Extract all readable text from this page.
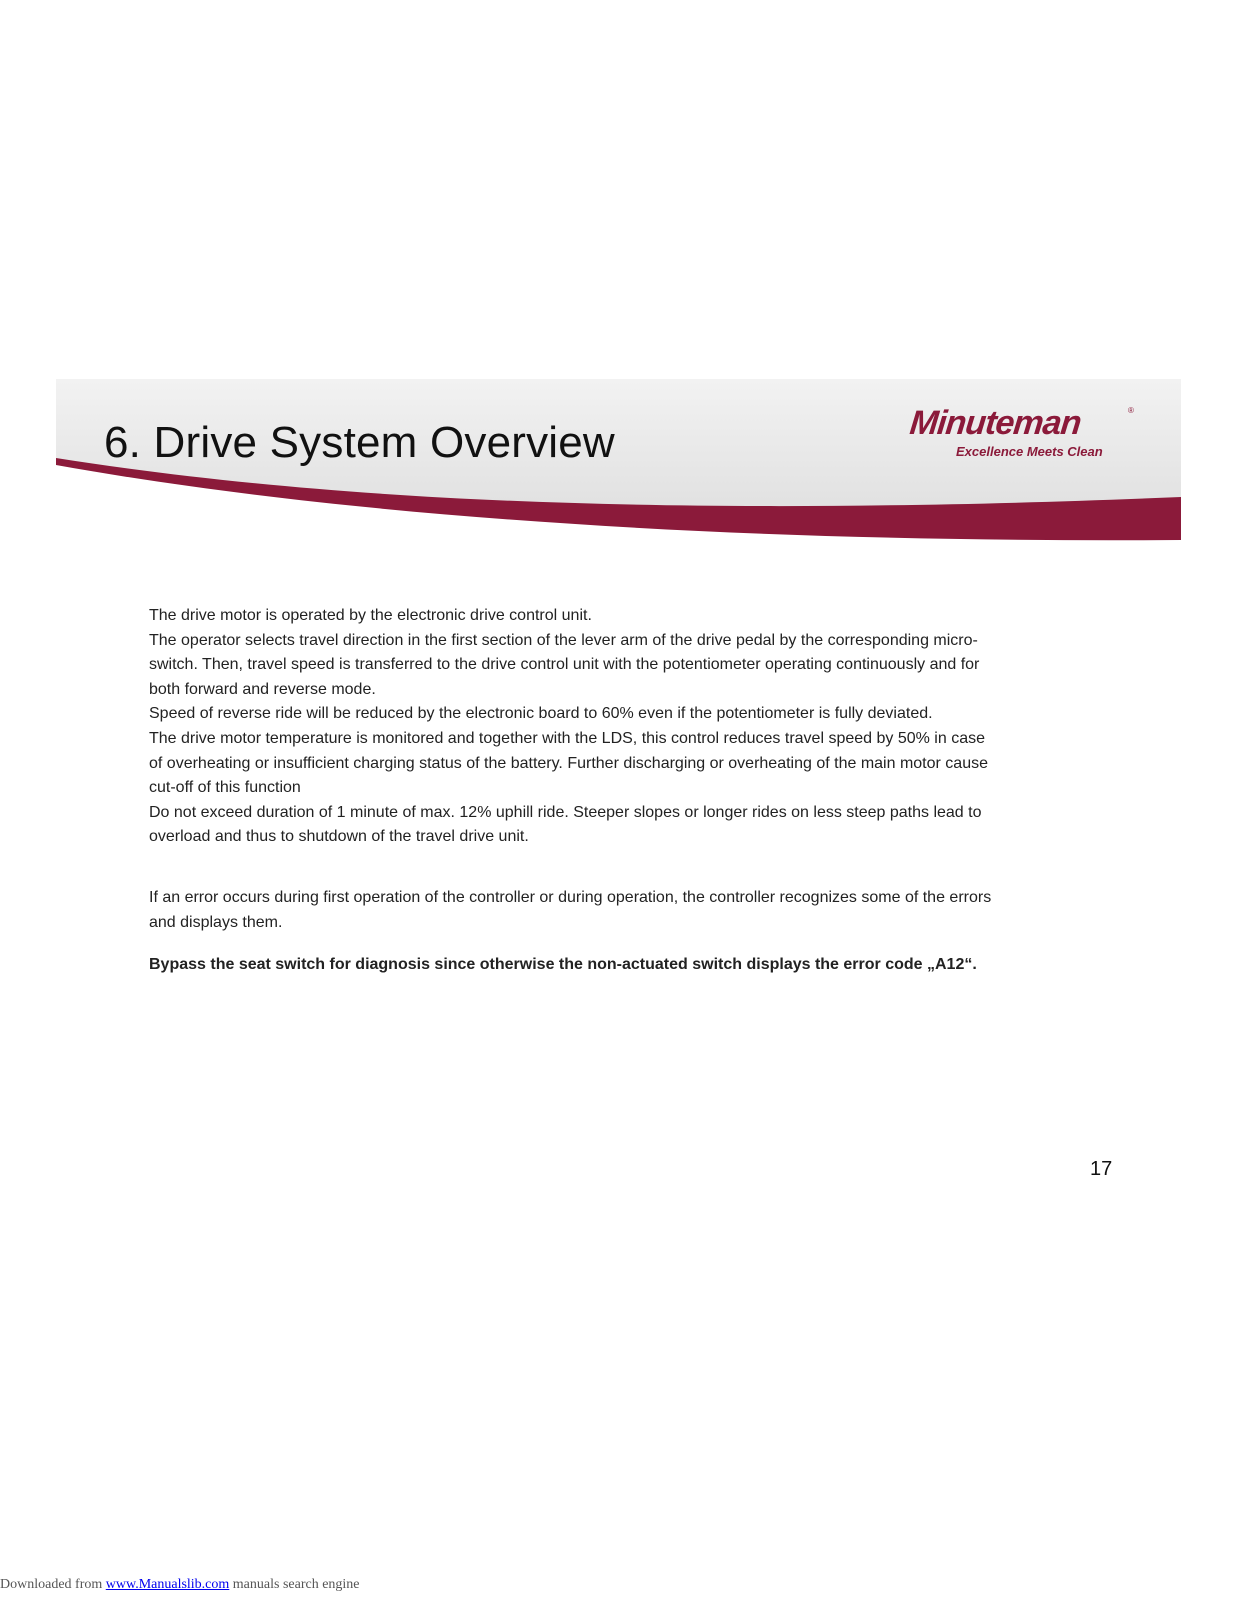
6. Drive System Overview	Minuteman	®
Excellence Meets Clean

The drive motor is operated by the electronic drive control unit.

The operator selects travel direction in the first section of the lever arm of the drive pedal by the corresponding micro-switch. Then, travel speed is transferred to the drive control unit with the potentiometer operating continuously and for both forward and reverse mode.

Speed of reverse ride will be reduced by the electronic board to 60% even if the potentiometer is fully deviated.

The drive motor temperature is monitored and together with the LDS, this control reduces travel speed by 50% in case of overheating or insufficient charging status of the battery. Further discharging or overheating of the main motor cause cut-off of this function

Do not exceed duration of 1 minute of max. 12% uphill ride. Steeper slopes or longer rides on less steep paths lead to overload and thus to shutdown of the travel drive unit.

If an error occurs during first operation of the controller or during operation, the controller recognizes some of the errors and displays them.

Bypass the seat switch for diagnosis since otherwise the non-actuated switch displays the error code „A12“.

17
Downloaded from www.Manualslib.com manuals search engine
